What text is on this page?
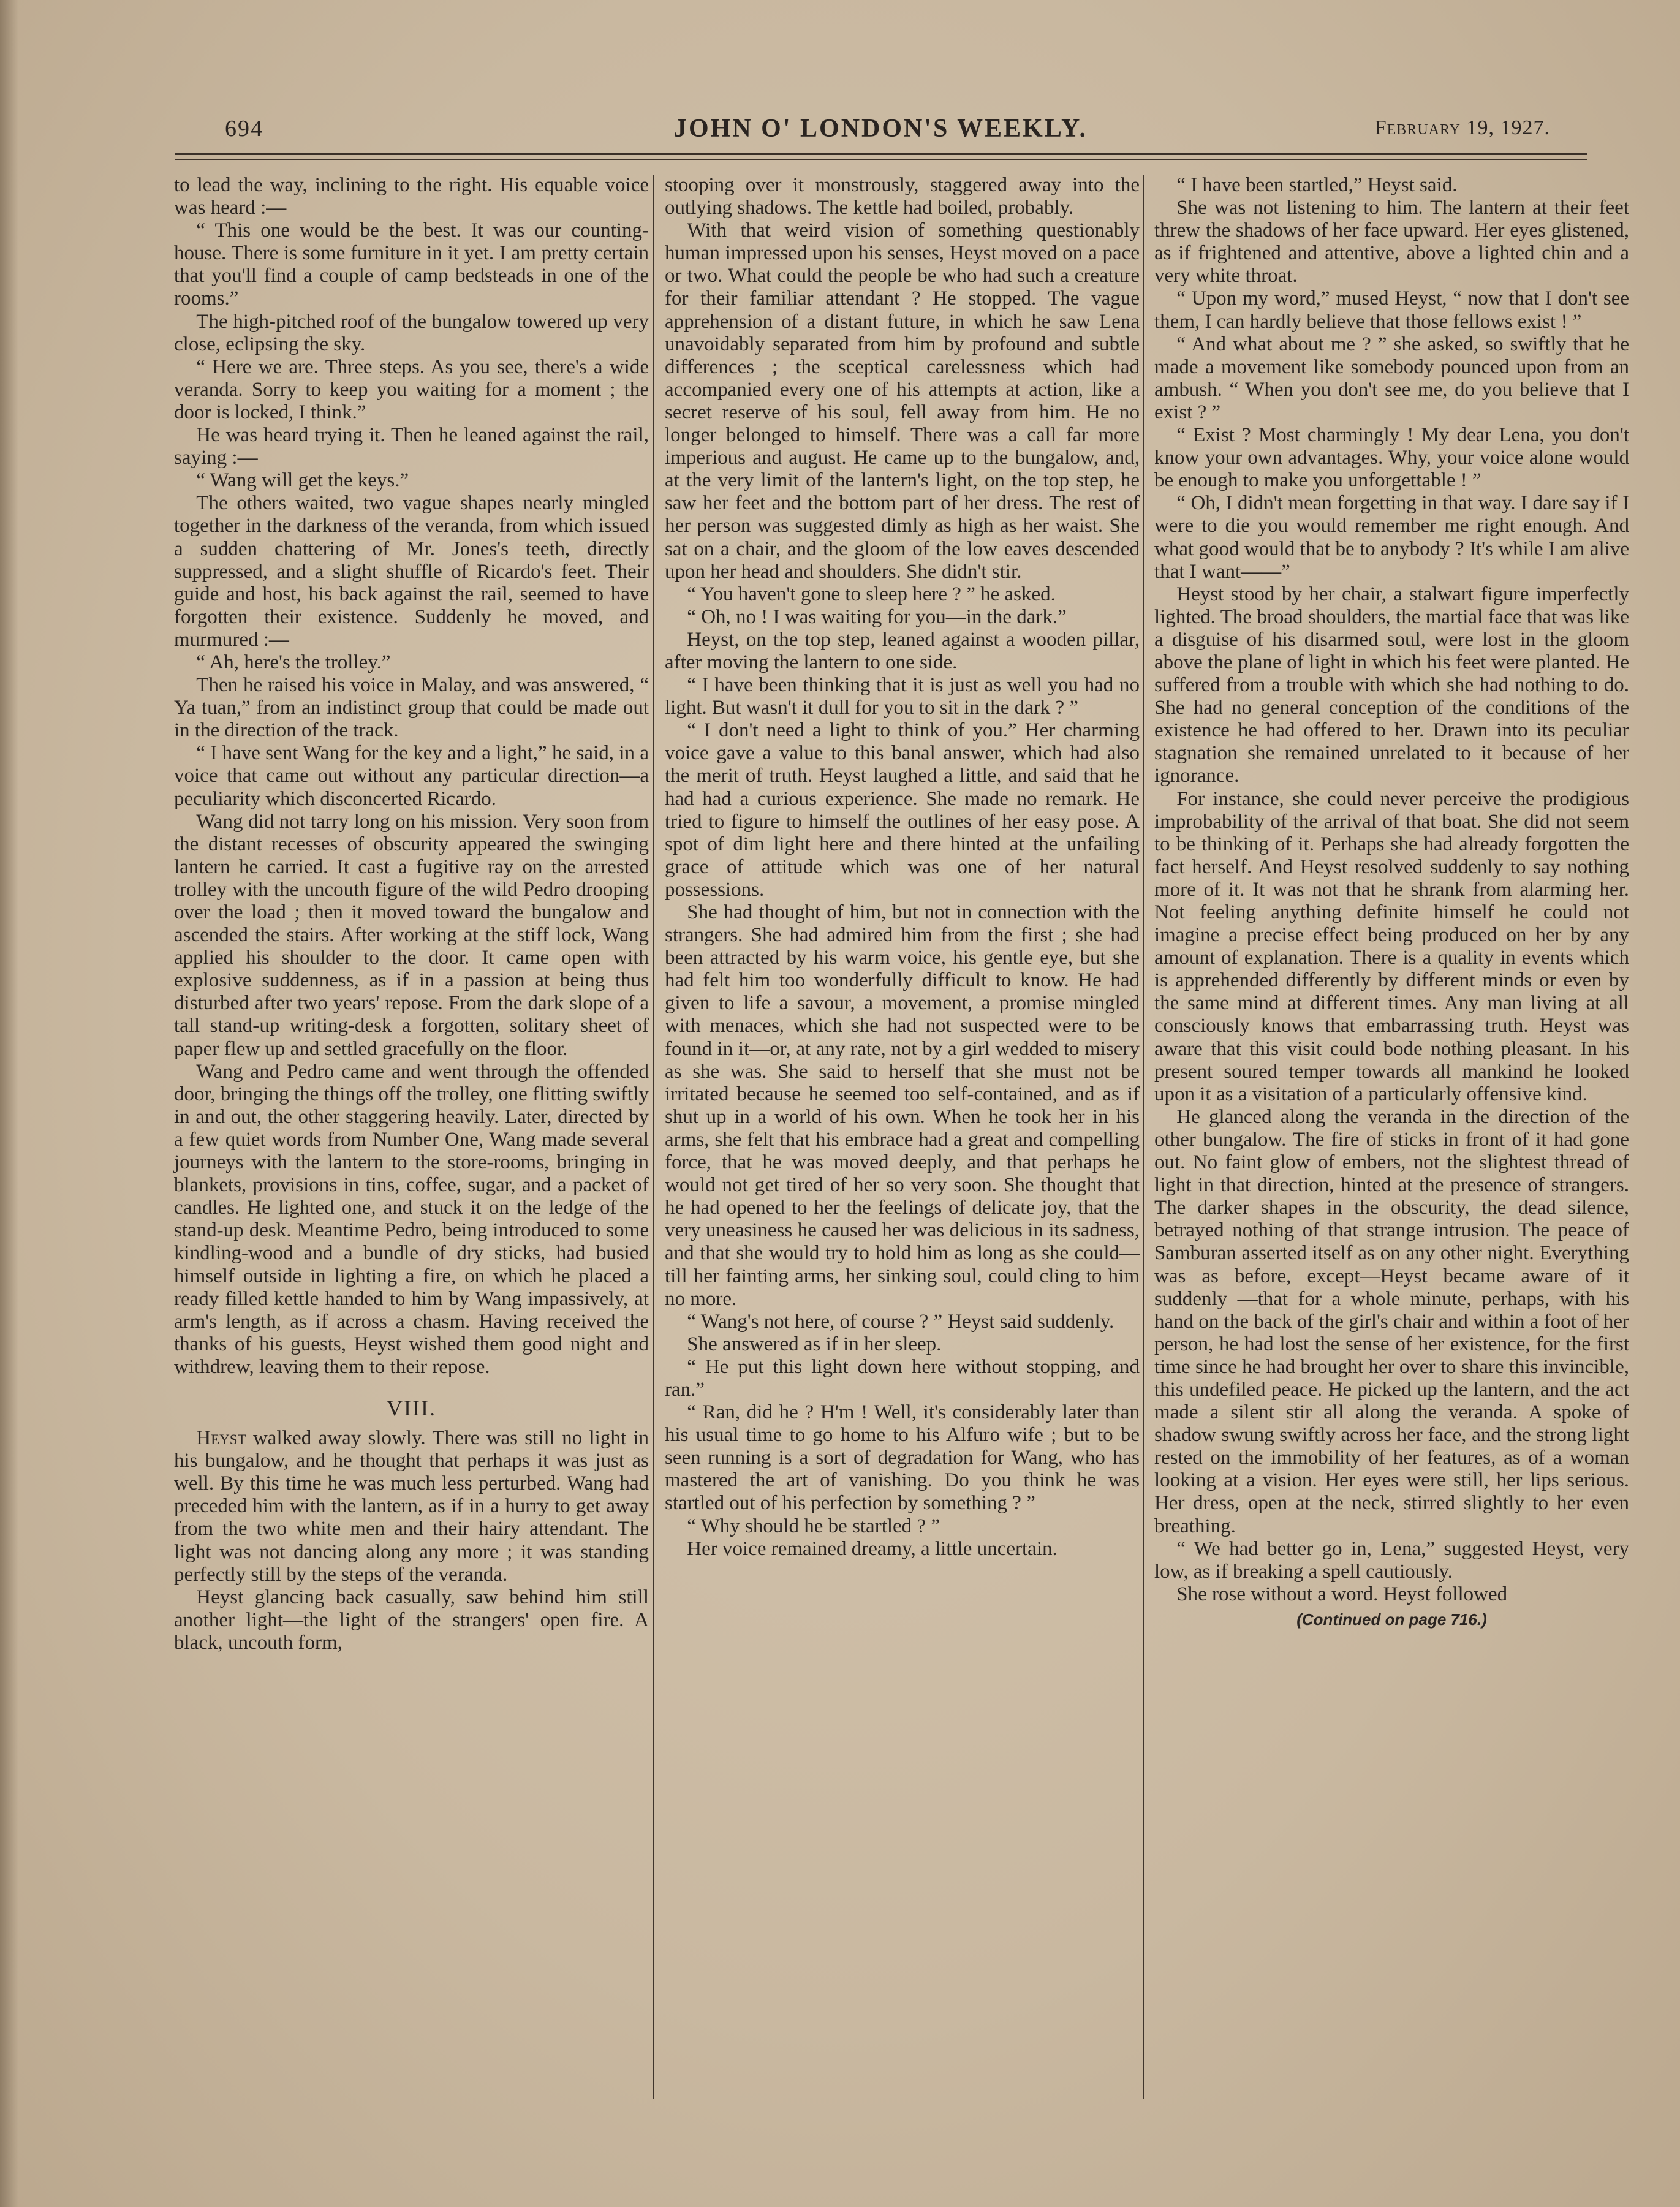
694	JOHN O' LONDON'S WEEKLY.	February 19, 1927.

to lead the way, inclining to the right. His equable voice was heard :—

“ This one would be the best. It was our counting-house. There is some furniture in it yet. I am pretty certain that you'll find a couple of camp bedsteads in one of the rooms.”

The high-pitched roof of the bungalow towered up very close, eclipsing the sky.

“ Here we are. Three steps. As you see, there's a wide veranda. Sorry to keep you waiting for a moment ; the door is locked, I think.”

He was heard trying it. Then he leaned against the rail, saying :—

“ Wang will get the keys.”

The others waited, two vague shapes nearly mingled together in the darkness of the veranda, from which issued a sudden chattering of Mr. Jones's teeth, directly suppressed, and a slight shuffle of Ricardo's feet. Their guide and host, his back against the rail, seemed to have forgotten their existence. Suddenly he moved, and murmured :—

“ Ah, here's the trolley.”

Then he raised his voice in Malay, and was answered, “ Ya tuan,” from an indistinct group that could be made out in the direction of the track.

“ I have sent Wang for the key and a light,” he said, in a voice that came out without any particular direction—a peculiarity which disconcerted Ricardo.

Wang did not tarry long on his mission. Very soon from the distant recesses of obscurity appeared the swinging lantern he carried. It cast a fugitive ray on the arrested trolley with the uncouth figure of the wild Pedro drooping over the load ; then it moved toward the bungalow and ascended the stairs. After working at the stiff lock, Wang applied his shoulder to the door. It came open with explosive suddenness, as if in a passion at being thus disturbed after two years' repose. From the dark slope of a tall stand-up writing-desk a forgotten, solitary sheet of paper flew up and settled gracefully on the floor.

Wang and Pedro came and went through the offended door, bringing the things off the trolley, one flitting swiftly in and out, the other staggering heavily. Later, directed by a few quiet words from Number One, Wang made several journeys with the lantern to the store-rooms, bringing in blankets, provisions in tins, coffee, sugar, and a packet of candles. He lighted one, and stuck it on the ledge of the stand-up desk. Meantime Pedro, being introduced to some kindling-wood and a bundle of dry sticks, had busied himself outside in lighting a fire, on which he placed a ready filled kettle handed to him by Wang impassively, at arm's length, as if across a chasm. Having received the thanks of his guests, Heyst wished them good night and withdrew, leaving them to their repose.

VIII.

Heyst walked away slowly. There was still no light in his bungalow, and he thought that perhaps it was just as well. By this time he was much less perturbed. Wang had preceded him with the lantern, as if in a hurry to get away from the two white men and their hairy attendant. The light was not dancing along any more ; it was standing perfectly still by the steps of the veranda.

Heyst glancing back casually, saw behind him still another light—the light of the strangers' open fire. A black, uncouth form,

stooping over it monstrously, staggered away into the outlying shadows. The kettle had boiled, probably.

With that weird vision of something questionably human impressed upon his senses, Heyst moved on a pace or two. What could the people be who had such a creature for their familiar attendant ? He stopped. The vague apprehension of a distant future, in which he saw Lena unavoidably separated from him by profound and subtle differences ; the sceptical carelessness which had accompanied every one of his attempts at action, like a secret reserve of his soul, fell away from him. He no longer belonged to himself. There was a call far more imperious and august. He came up to the bungalow, and, at the very limit of the lantern's light, on the top step, he saw her feet and the bottom part of her dress. The rest of her person was suggested dimly as high as her waist. She sat on a chair, and the gloom of the low eaves descended upon her head and shoulders. She didn't stir.

“ You haven't gone to sleep here ? ” he asked.

“ Oh, no ! I was waiting for you—in the dark.”

Heyst, on the top step, leaned against a wooden pillar, after moving the lantern to one side.

“ I have been thinking that it is just as well you had no light. But wasn't it dull for you to sit in the dark ? ”

“ I don't need a light to think of you.” Her charming voice gave a value to this banal answer, which had also the merit of truth. Heyst laughed a little, and said that he had had a curious experience. She made no remark. He tried to figure to himself the outlines of her easy pose. A spot of dim light here and there hinted at the unfailing grace of attitude which was one of her natural possessions.

She had thought of him, but not in connection with the strangers. She had admired him from the first ; she had been attracted by his warm voice, his gentle eye, but she had felt him too wonderfully difficult to know. He had given to life a savour, a movement, a promise mingled with menaces, which she had not suspected were to be found in it—or, at any rate, not by a girl wedded to misery as she was. She said to herself that she must not be irritated because he seemed too self-contained, and as if shut up in a world of his own. When he took her in his arms, she felt that his embrace had a great and compelling force, that he was moved deeply, and that perhaps he would not get tired of her so very soon. She thought that he had opened to her the feelings of delicate joy, that the very uneasiness he caused her was delicious in its sadness, and that she would try to hold him as long as she could—till her fainting arms, her sinking soul, could cling to him no more.

“ Wang's not here, of course ? ” Heyst said suddenly.

She answered as if in her sleep.

“ He put this light down here without stopping, and ran.”

“ Ran, did he ? H'm ! Well, it's considerably later than his usual time to go home to his Alfuro wife ; but to be seen running is a sort of degradation for Wang, who has mastered the art of vanishing. Do you think he was startled out of his perfection by something ? ”

“ Why should he be startled ? ”

Her voice remained dreamy, a little uncertain.

“ I have been startled,” Heyst said.

She was not listening to him. The lantern at their feet threw the shadows of her face upward. Her eyes glistened, as if frightened and attentive, above a lighted chin and a very white throat.

“ Upon my word,” mused Heyst, “ now that I don't see them, I can hardly believe that those fellows exist ! ”

“ And what about me ? ” she asked, so swiftly that he made a movement like somebody pounced upon from an ambush. “ When you don't see me, do you believe that I exist ? ”

“ Exist ? Most charmingly ! My dear Lena, you don't know your own advantages. Why, your voice alone would be enough to make you unforgettable ! ”

“ Oh, I didn't mean forgetting in that way. I dare say if I were to die you would remember me right enough. And what good would that be to anybody ? It's while I am alive that I want——”

Heyst stood by her chair, a stalwart figure imperfectly lighted. The broad shoulders, the martial face that was like a disguise of his disarmed soul, were lost in the gloom above the plane of light in which his feet were planted. He suffered from a trouble with which she had nothing to do. She had no general conception of the conditions of the existence he had offered to her. Drawn into its peculiar stagnation she remained unrelated to it because of her ignorance.

For instance, she could never perceive the prodigious improbability of the arrival of that boat. She did not seem to be thinking of it. Perhaps she had already forgotten the fact herself. And Heyst resolved suddenly to say nothing more of it. It was not that he shrank from alarming her. Not feeling anything definite himself he could not imagine a precise effect being produced on her by any amount of explanation. There is a quality in events which is apprehended differently by different minds or even by the same mind at different times. Any man living at all consciously knows that embarrassing truth. Heyst was aware that this visit could bode nothing pleasant. In his present soured temper towards all mankind he looked upon it as a visitation of a particularly offensive kind.

He glanced along the veranda in the direction of the other bungalow. The fire of sticks in front of it had gone out. No faint glow of embers, not the slightest thread of light in that direction, hinted at the presence of strangers. The darker shapes in the obscurity, the dead silence, betrayed nothing of that strange intrusion. The peace of Samburan asserted itself as on any other night. Everything was as before, except—Heyst became aware of it suddenly —that for a whole minute, perhaps, with his hand on the back of the girl's chair and within a foot of her person, he had lost the sense of her existence, for the first time since he had brought her over to share this invincible, this undefiled peace. He picked up the lantern, and the act made a silent stir all along the veranda. A spoke of shadow swung swiftly across her face, and the strong light rested on the immobility of her features, as of a woman looking at a vision. Her eyes were still, her lips serious. Her dress, open at the neck, stirred slightly to her even breathing.

“ We had better go in, Lena,” suggested Heyst, very low, as if breaking a spell cautiously.

She rose without a word. Heyst followed

(Continued on page 716.)
